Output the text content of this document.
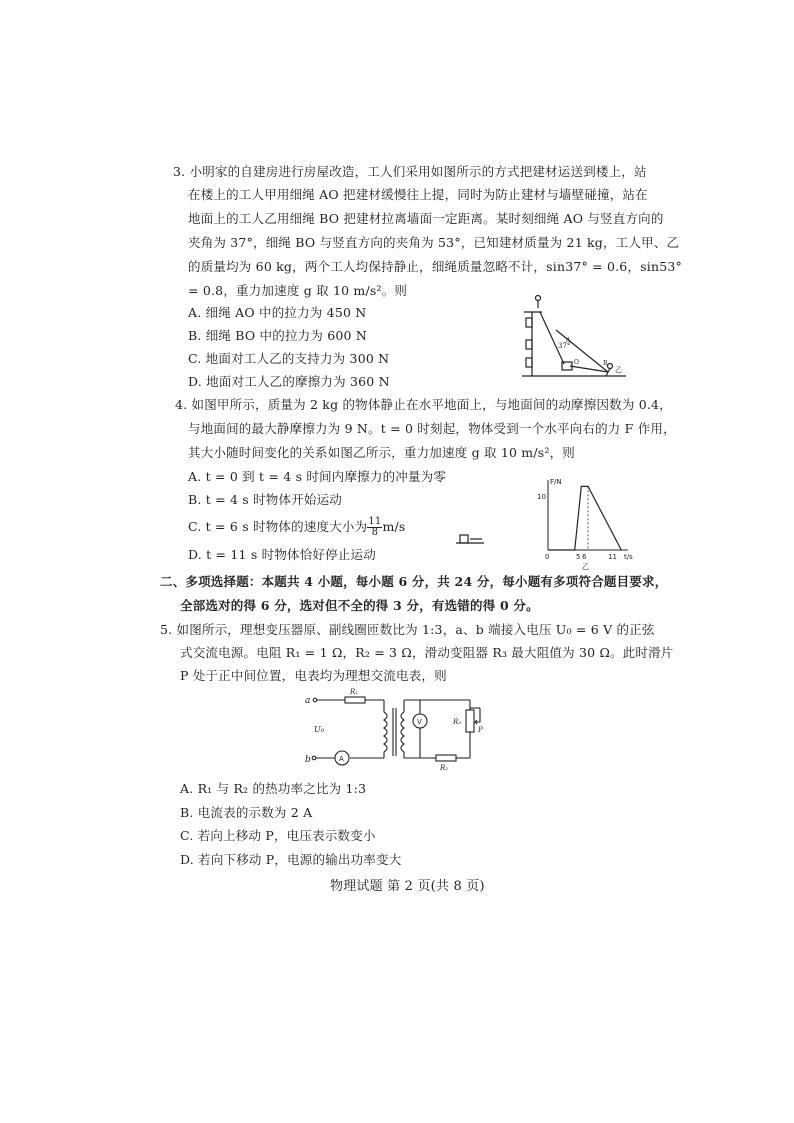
3. 小明家的自建房进行房屋改造，工人们采用如图所示的方式把建材运送到楼上，站
在楼上的工人甲用细绳 AO 把建材缓慢往上提，同时为防止建材与墙壁碰撞，站在
地面上的工人乙用细绳 BO 把建材拉离墙面一定距离。某时刻细绳 AO 与竖直方向的
夹角为 37°，细绳 BO 与竖直方向的夹角为 53°，已知建材质量为 21 kg，工人甲、乙
的质量均为 60 kg，两个工人均保持静止，细绳质量忽略不计，sin37° = 0.6，sin53°
= 0.8，重力加速度 g 取 10 m/s²。则
A. 细绳 AO 中的拉力为 450 N
B. 细绳 BO 中的拉力为 600 N
C. 地面对工人乙的支持力为 300 N
D. 地面对工人乙的摩擦力为 360 N
37°
A
B
O
乙
4. 如图甲所示，质量为 2 kg 的物体静止在水平地面上，与地面间的动摩擦因数为 0.4，
与地面间的最大静摩擦力为 9 N。t = 0 时刻起，物体受到一个水平向右的力 F 作用，
其大小随时间变化的关系如图乙所示，重力加速度 g 取 10 m/s²，则
A. t = 0 到 t = 4 s 时间内摩擦力的冲量为零
B. t = 4 s 时物体开始运动
C. t = 6 s 时物体的速度大小为 $\frac{11}{8} m/s$
D. t = 11 s 时物体恰好停止运动
F/N
t/s
10
0	5 6	11
乙
二、多项选择题：本题共 4 小题，每小题 6 分，共 24 分，每小题有多项符合题目要求，
全部选对的得 6 分，选对但不全的得 3 分，有选错的得 0 分。
5. 如图所示，理想变压器原、副线圈匝数比为 1:3，a、b 端接入电压 U₀ = 6 V 的正弦
式交流电源。电阻 R₁ = 1 Ω，R₂ = 3 Ω，滑动变阻器 R₃ 最大阻值为 30 Ω。此时滑片
P 处于正中间位置，电表均为理想交流电表，则
a
b
U₀
R₁
R₂
R₃
P
V
A
A. R₁ 与 R₂ 的热功率之比为 1:3
B. 电流表的示数为 2 A
C. 若向上移动 P，电压表示数变小
D. 若向下移动 P，电源的输出功率变大
物理试题 第 2 页(共 8 页)
